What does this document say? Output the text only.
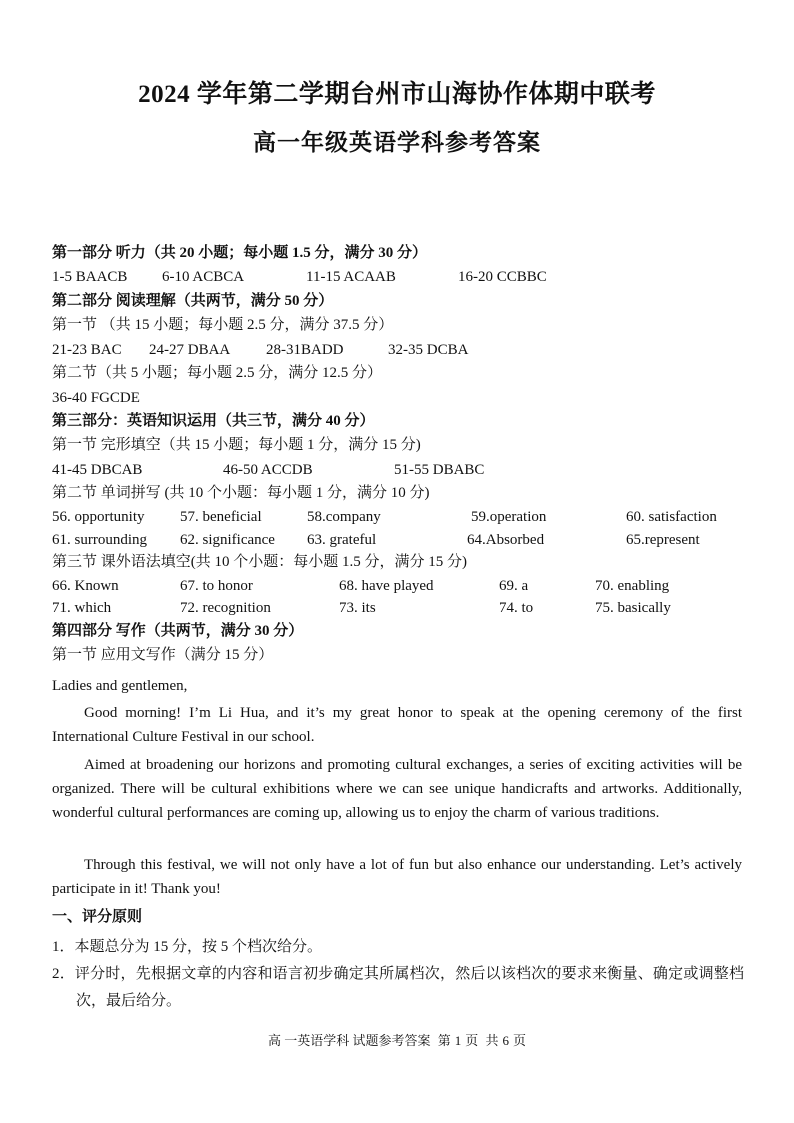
2024 学年第二学期台州市山海协作体期中联考
高一年级英语学科参考答案
第一部分 听力（共 20 小题；每小题 1.5 分，满分 30 分）
1-5 BAACB 6-10 ACBCA	11-15 ACAAB	16-20 CCBBC
第二部分 阅读理解（共两节，满分 50 分）
第一节 （共 15 小题；每小题 2.5 分，满分 37.5 分）
21-23 BAC 24-27 DBAA 28-31BADD	32-35 DCBA
第二节（共 5 小题；每小题 2.5 分，满分 12.5 分）
36-40 FGCDE
第三部分：英语知识运用（共三节，满分 40 分）
第一节 完形填空（共 15 小题；每小题 1 分，满分 15 分)
41-45 DBCAB	46-50 ACCDB	51-55 DBABC
第二节 单词拼写 (共 10 个小题：每小题 1 分，满分 10 分)
56. opportunity 57. beneficial	58.company	59.operation	60. satisfaction
61. surrounding 62. significance 63. grateful	64.Absorbed	65.represent
第三节 课外语法填空(共 10 个小题：每小题 1.5 分，满分 15 分)
66. Known	67. to honor	68. have played	69. a	70. enabling
71. which	72. recognition	73. its	74. to	75. basically
第四部分 写作（共两节，满分 30 分）
第一节 应用文写作（满分 15 分）
Ladies and gentlemen,
Good morning! I’m Li Hua, and it’s my great honor to speak at the opening ceremony of the first International Culture Festival in our school.
Aimed at broadening our horizons and promoting cultural exchanges, a series of exciting activities will be organized. There will be cultural exhibitions where we can see unique handicrafts and artworks. Additionally, wonderful cultural performances are coming up, allowing us to enjoy the charm of various traditions.
Through this festival, we will not only have a lot of fun but also enhance our understanding. Let’s actively participate in it! Thank you!
一、评分原则
1．本题总分为 15 分，按 5 个档次给分。
2．评分时，先根据文章的内容和语言初步确定其所属档次，然后以该档次的要求来衡量、确定或调整档次，最后给分。
高 一英语学科 试题参考答案 第 1 页 共 6 页
